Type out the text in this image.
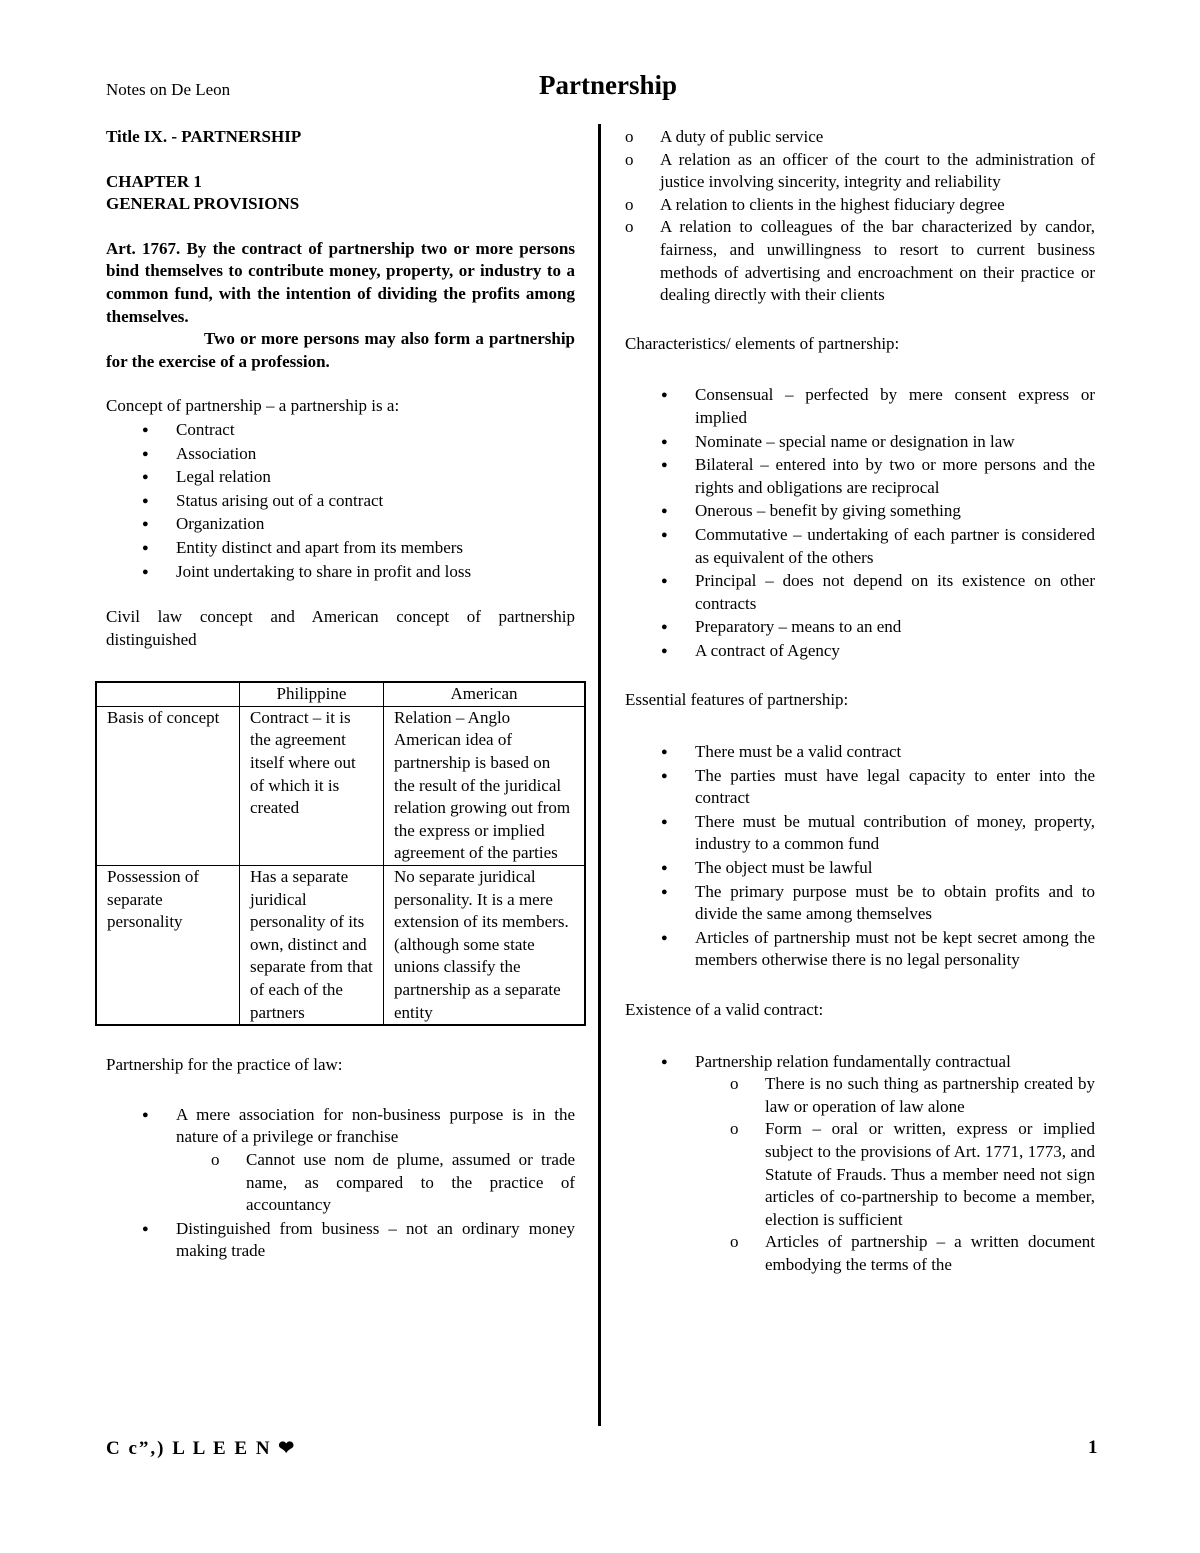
Notes on De Leon	Partnership

Title IX. - PARTNERSHIP

CHAPTER 1

GENERAL PROVISIONS

Art. 1767. By the contract of partnership two or more persons bind themselves to contribute money, property, or industry to a common fund, with the intention of dividing the profits among themselves.

Two or more persons may also form a partnership for the exercise of a profession.

Concept of partnership – a partnership is a:

● Contract
● Association
● Legal relation
● Status arising out of a contract
● Organization
● Entity distinct and apart from its members
● Joint undertaking to share in profit and loss

Civil law concept and American concept of partnership distinguished

	Philippine	American
Basis of concept	Contract – it is the agreement itself where out of which it is created	Relation – Anglo American idea of partnership is based on the result of the juridical relation growing out from the express or implied agreement of the parties
Possession of separate personality	Has a separate juridical personality of its own, distinct and separate from that of each of the partners	No separate juridical personality. It is a mere extension of its members. (although some state unions classify the partnership as a separate entity

Partnership for the practice of law:

● A mere association for non-business purpose is in the nature of a privilege or franchise
o Cannot use nom de plume, assumed or trade name, as compared to the practice of accountancy
● Distinguished from business – not an ordinary money making trade
o A duty of public service
o A relation as an officer of the court to the administration of justice involving sincerity, integrity and reliability
o A relation to clients in the highest fiduciary degree
o A relation to colleagues of the bar characterized by candor, fairness, and unwillingness to resort to current business methods of advertising and encroachment on their practice or dealing directly with their clients

Characteristics/ elements of partnership:

● Consensual – perfected by mere consent express or implied
● Nominate – special name or designation in law
● Bilateral – entered into by two or more persons and the rights and obligations are reciprocal
● Onerous – benefit by giving something
● Commutative – undertaking of each partner is considered as equivalent of the others
● Principal – does not depend on its existence on other contracts
● Preparatory – means to an end
● A contract of Agency

Essential features of partnership:

● There must be a valid contract
● The parties must have legal capacity to enter into the contract
● There must be mutual contribution of money, property, industry to a common fund
● The object must be lawful
● The primary purpose must be to obtain profits and to divide the same among themselves
● Articles of partnership must not be kept secret among the members otherwise there is no legal personality

Existence of a valid contract:

● Partnership relation fundamentally contractual
o There is no such thing as partnership created by law or operation of law alone
o Form – oral or written, express or implied subject to the provisions of Art. 1771, 1773, and Statute of Frauds. Thus a member need not sign articles of co-partnership to become a member, election is sufficient
o Articles of partnership – a written document embodying the terms of the
C c”,) L L E E N ❤	1
